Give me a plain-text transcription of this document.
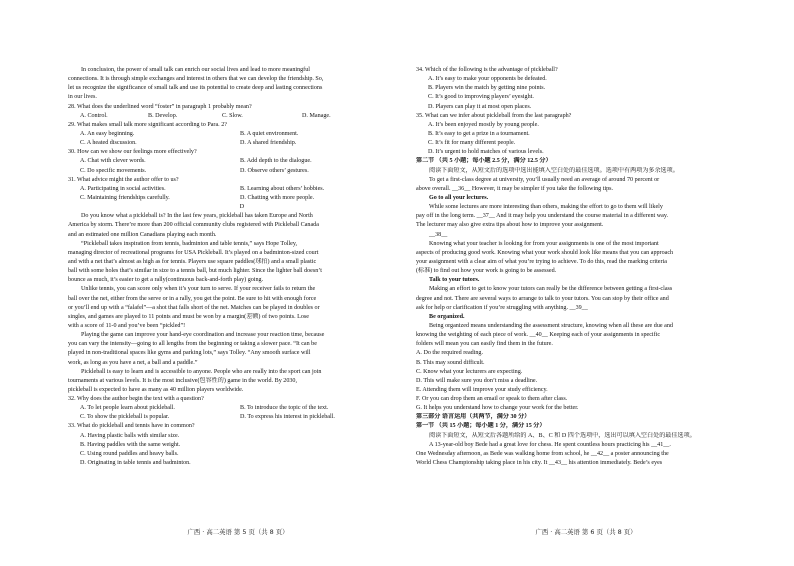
In conclusion, the power of small talk can enrich our social lives and lead to more meaningful
connections. It is through simple exchanges and interest in others that we can develop the friendship. So,
let us recognize the significance of small talk and use its potential to create deep and lasting connections
in our lives.
28. What does the underlined word “foster” in paragraph 1 probably mean?
A. Control.	B. Develop.	C. Slow.	D. Manage.
29. What makes small talk more significant according to Para. 2?
A. An easy beginning.	B. A quiet environment.
C. A heated discussion.	D. A shared friendship.
30. How can we show our feelings more effectively?
A. Chat with clever words.	B. Add depth to the dialogue.
C. Do specific movements.	D. Observe others’ gestures.
31. What advice might the author offer to us?
A. Participating in social activities.	B. Learning about others’ hobbies.
C. Maintaining friendships carefully.	D. Chatting with more people.
D
Do you know what a pickleball is? In the last few years, pickleball has taken Europe and North
America by storm. There’re more than 200 official community clubs registered with Pickleball Canada
and an estimated one million Canadians playing each month.
“Pickleball takes inspiration from tennis, badminton and table tennis,” says Hope Tolley,
managing director of recreational programs for USA Pickleball. It’s played on a badminton-sized court
and with a net that’s almost as high as for tennis. Players use square paddles(球拍) and a small plastic
ball with some holes that’s similar in size to a tennis ball, but much lighter. Since the lighter ball doesn’t
bounce as much, it’s easier to get a rally(continuous back-and-forth play) going.
Unlike tennis, you can score only when it’s your turn to serve. If your receiver fails to return the
ball over the net, either from the serve or in a rally, you get the point. Be sure to hit with enough force
or you’ll end up with a “falafel”—a shot that falls short of the net. Matches can be played in doubles or
singles, and games are played to 11 points and must be won by a margin(差额) of two points. Lose
with a score of 11-0 and you’ve been “pickled”!
Playing the game can improve your hand-eye coordination and increase your reaction time, because
you can vary the intensity—going to all lengths from the beginning or taking a slower pace. “It can be
played in non-traditional spaces like gyms and parking lots,” says Tolley. “Any smooth surface will
work, as long as you have a net, a ball and a paddle.”
Pickleball is easy to learn and is accessible to anyone. People who are really into the sport can join
tournaments at various levels. It is the most inclusive(包容性的) game in the world. By 2030,
pickleball is expected to have as many as 40 million players worldwide.
32. Why does the author begin the text with a question?
A. To let people learn about pickleball.	B. To introduce the topic of the text.
C. To show the pickleball is popular.	D. To express his interest in pickleball.
33. What do pickleball and tennis have in common?
A. Having plastic balls with similar size.
B. Having paddles with the same weight.
C. Using round paddles and heavy balls.
D. Originating in table tennis and badminton.
34. Which of the following is the advantage of pickleball?
A. It’s easy to make your opponents be defeated.
B. Players win the match by getting nine points.
C. It’s good to improving players’ eyesight.
D. Players can play it at most open places.
35. What can we infer about pickleball from the last paragraph?
A. It’s been enjoyed mostly by young people.
B. It’s easy to get a prize in a tournament.
C. It’s fit for many different people.
D. It’s urgent to hold matches of various levels.
第二节 （共 5 小题；每小题 2.5 分，满分 12.5 分）
阅读下面短文，从短文后的选项中选出能填入空白处的最佳选项。选项中有两项为多余选项。
To get a first-class degree at university, you’ll usually need an average of around 70 percent or
above overall. __36__ However, it may be simpler if you take the following tips.
Go to all your lectures.
While some lectures are more interesting than others, making the effort to go to them will likely
pay off in the long term. __37__ And it may help you understand the course material in a different way.
The lecturer may also give extra tips about how to improve your assignment.
__38__
Knowing what your teacher is looking for from your assignments is one of the most important
aspects of producing good work. Knowing what your work should look like means that you can approach
your assignment with a clear aim of what you’re trying to achieve. To do this, read the marking criteria
(标准) to find out how your work is going to be assessed.
Talk to your tutors.
Making an effort to get to know your tutors can really be the difference between getting a first-class
degree and not. There are several ways to arrange to talk to your tutors. You can stop by their office and
ask for help or clarification if you’re struggling with anything. __39__
Be organized.
Being organized means understanding the assessment structure, knowing when all these are due and
knowing the weighting of each piece of work. __40__ Keeping each of your assignments in specific
folders will mean you can easily find them in the future.
A. Do the required reading.
B. This may sound difficult.
C. Know what your lecturers are expecting.
D. This will make sure you don’t miss a deadline.
E. Attending them will improve your study efficiency.
F. Or you can drop them an email or speak to them after class.
G. It helps you understand how to change your work for the better.
第三部分 语言运用（共两节，满分 30 分）
第一节 （共 15 小题；每小题 1 分，满分 15 分）
阅读下面短文，从短文后各题所给的 A、B、C 和 D 四个选项中，选出可以填入空白处的最佳选项。
A 13-year-old boy Bede had a great love for chess. He spent countless hours practicing his __41__.
One Wednesday afternoon, as Bede was walking home from school, he __42__ a poster announcing the
World Chess Championship taking place in his city. It __43__ his attention immediately. Bede’s eyes
广西 · 高二英语 第 5 页（共 8 页）	广西 · 高二英语 第 6 页（共 8 页）
